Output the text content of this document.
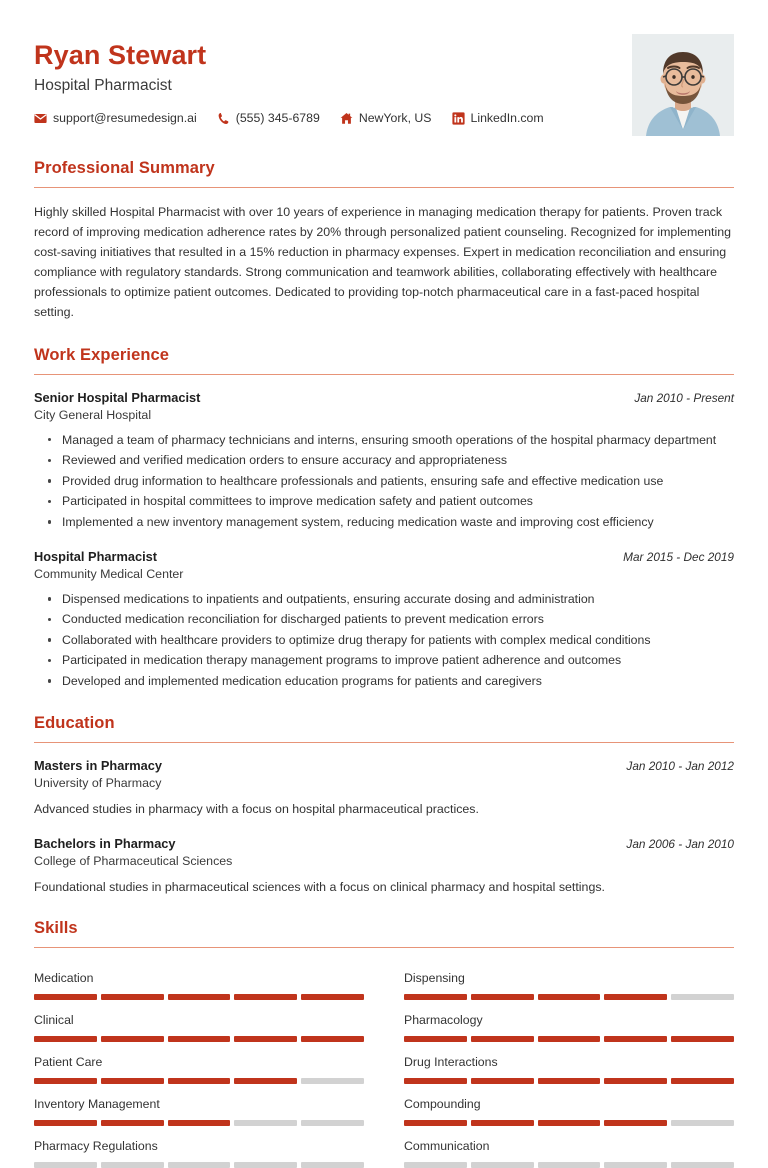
Ryan Stewart
Hospital Pharmacist
support@resumedesign.ai	(555) 345-6789	NewYork, US	LinkedIn.com
Professional Summary

Highly skilled Hospital Pharmacist with over 10 years of experience in managing medication therapy for patients. Proven track record of improving medication adherence rates by 20% through personalized patient counseling. Recognized for implementing cost-saving initiatives that resulted in a 15% reduction in pharmacy expenses. Expert in medication reconciliation and ensuring compliance with regulatory standards. Strong communication and teamwork abilities, collaborating effectively with healthcare professionals to optimize patient outcomes. Dedicated to providing top-notch pharmaceutical care in a fast-paced hospital setting.

Work Experience
Senior Hospital Pharmacist	Jan 2010 - Present
City General Hospital
Managed a team of pharmacy technicians and interns, ensuring smooth operations of the hospital pharmacy department
Reviewed and verified medication orders to ensure accuracy and appropriateness
Provided drug information to healthcare professionals and patients, ensuring safe and effective medication use
Participated in hospital committees to improve medication safety and patient outcomes
Implemented a new inventory management system, reducing medication waste and improving cost efficiency
Hospital Pharmacist	Mar 2015 - Dec 2019
Community Medical Center
Dispensed medications to inpatients and outpatients, ensuring accurate dosing and administration
Conducted medication reconciliation for discharged patients to prevent medication errors
Collaborated with healthcare providers to optimize drug therapy for patients with complex medical conditions
Participated in medication therapy management programs to improve patient adherence and outcomes
Developed and implemented medication education programs for patients and caregivers
Education
Masters in Pharmacy	Jan 2010 - Jan 2012
University of Pharmacy
Advanced studies in pharmacy with a focus on hospital pharmaceutical practices.
Bachelors in Pharmacy	Jan 2006 - Jan 2010
College of Pharmaceutical Sciences
Foundational studies in pharmaceutical sciences with a focus on clinical pharmacy and hospital settings.
Skills
Medication	Dispensing
Clinical	Pharmacology
Patient Care	Drug Interactions
Inventory Management	Compounding
Pharmacy Regulations	Communication
